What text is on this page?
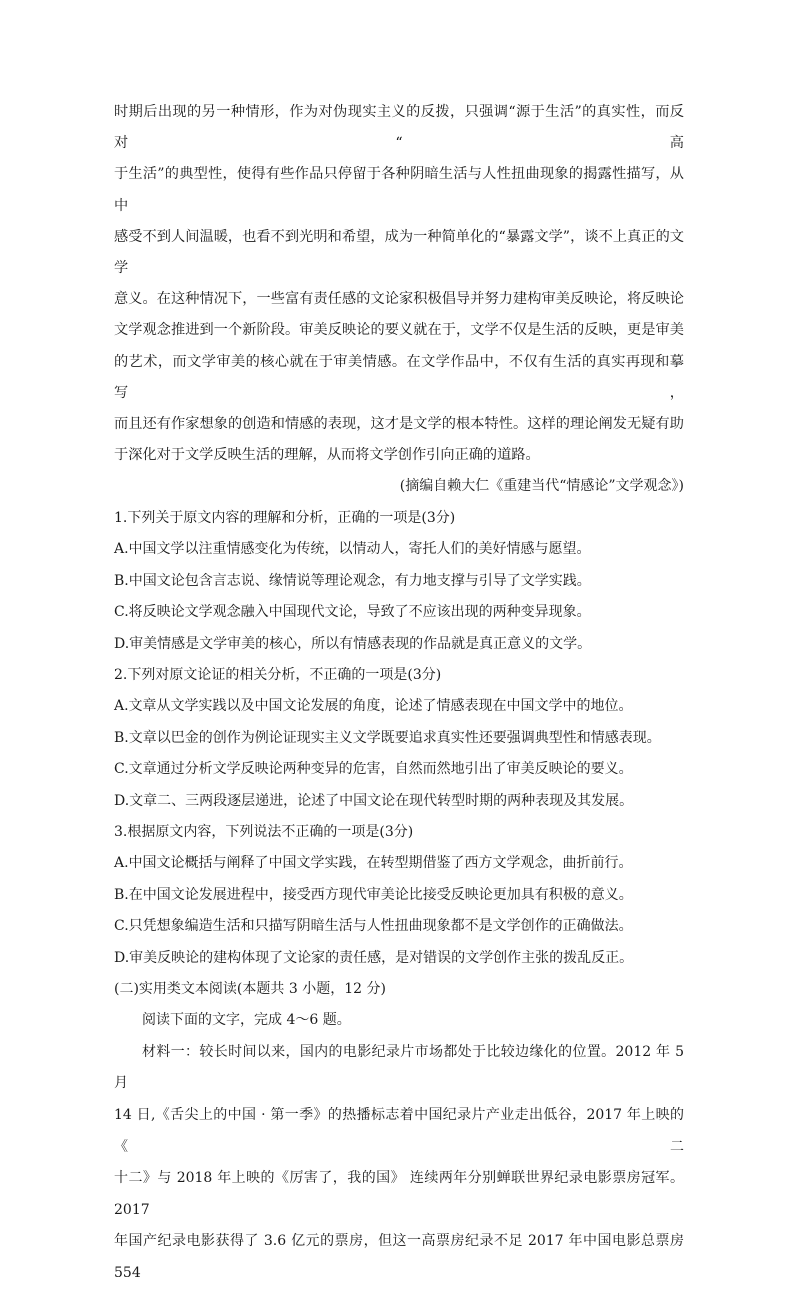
时期后出现的另一种情形，作为对伪现实主义的反拨，只强调“源于生活”的真实性，而反对“高

于生活”的典型性，使得有些作品只停留于各种阴暗生活与人性扭曲现象的揭露性描写，从中

感受不到人间温暖，也看不到光明和希望，成为一种简单化的“暴露文学”，谈不上真正的文学

意义。在这种情况下，一些富有责任感的文论家积极倡导并努力建构审美反映论，将反映论

文学观念推进到一个新阶段。审美反映论的要义就在于，文学不仅是生活的反映，更是审美

的艺术，而文学审美的核心就在于审美情感。在文学作品中，不仅有生活的真实再现和摹写，

而且还有作家想象的创造和情感的表现，这才是文学的根本特性。这样的理论阐发无疑有助

于深化对于文学反映生活的理解，从而将文学创作引向正确的道路。

(摘编自赖大仁《重建当代“情感论”文学观念》)

1.下列关于原文内容的理解和分析，正确的一项是(3分)

A.中国文学以注重情感变化为传统，以情动人，寄托人们的美好情感与愿望。

B.中国文论包含言志说、缘情说等理论观念，有力地支撑与引导了文学实践。

C.将反映论文学观念融入中国现代文论，导致了不应该出现的两种变异现象。

D.审美情感是文学审美的核心，所以有情感表现的作品就是真正意义的文学。

2.下列对原文论证的相关分析，不正确的一项是(3分)

A.文章从文学实践以及中国文论发展的角度，论述了情感表现在中国文学中的地位。

B.文章以巴金的创作为例论证现实主义文学既要追求真实性还要强调典型性和情感表现。

C.文章通过分析文学反映论两种变异的危害，自然而然地引出了审美反映论的要义。

D.文章二、三两段逐层递进，论述了中国文论在现代转型时期的两种表现及其发展。

3.根据原文内容，下列说法不正确的一项是(3分)

A.中国文论概括与阐释了中国文学实践，在转型期借鉴了西方文学观念，曲折前行。

B.在中国文论发展进程中，接受西方现代审美论比接受反映论更加具有积极的意义。

C.只凭想象编造生活和只描写阴暗生活与人性扭曲现象都不是文学创作的正确做法。

D.审美反映论的建构体现了文论家的责任感，是对错误的文学创作主张的拨乱反正。

(二)实用类文本阅读(本题共 3 小题，12 分)

阅读下面的文字，完成 4～6 题。

材料一：较长时间以来，国内的电影纪录片市场都处于比较边缘化的位置。2012 年 5 月

14 日,《舌尖上的中国 · 第一季》的热播标志着中国纪录片产业走出低谷，2017 年上映的《二

十二》与 2018 年上映的《厉害了，我的国》 连续两年分别蝉联世界纪录电影票房冠军。2017

年国产纪录电影获得了 3.6 亿元的票房，但这一高票房纪录不足 2017 年中国电影总票房 554
